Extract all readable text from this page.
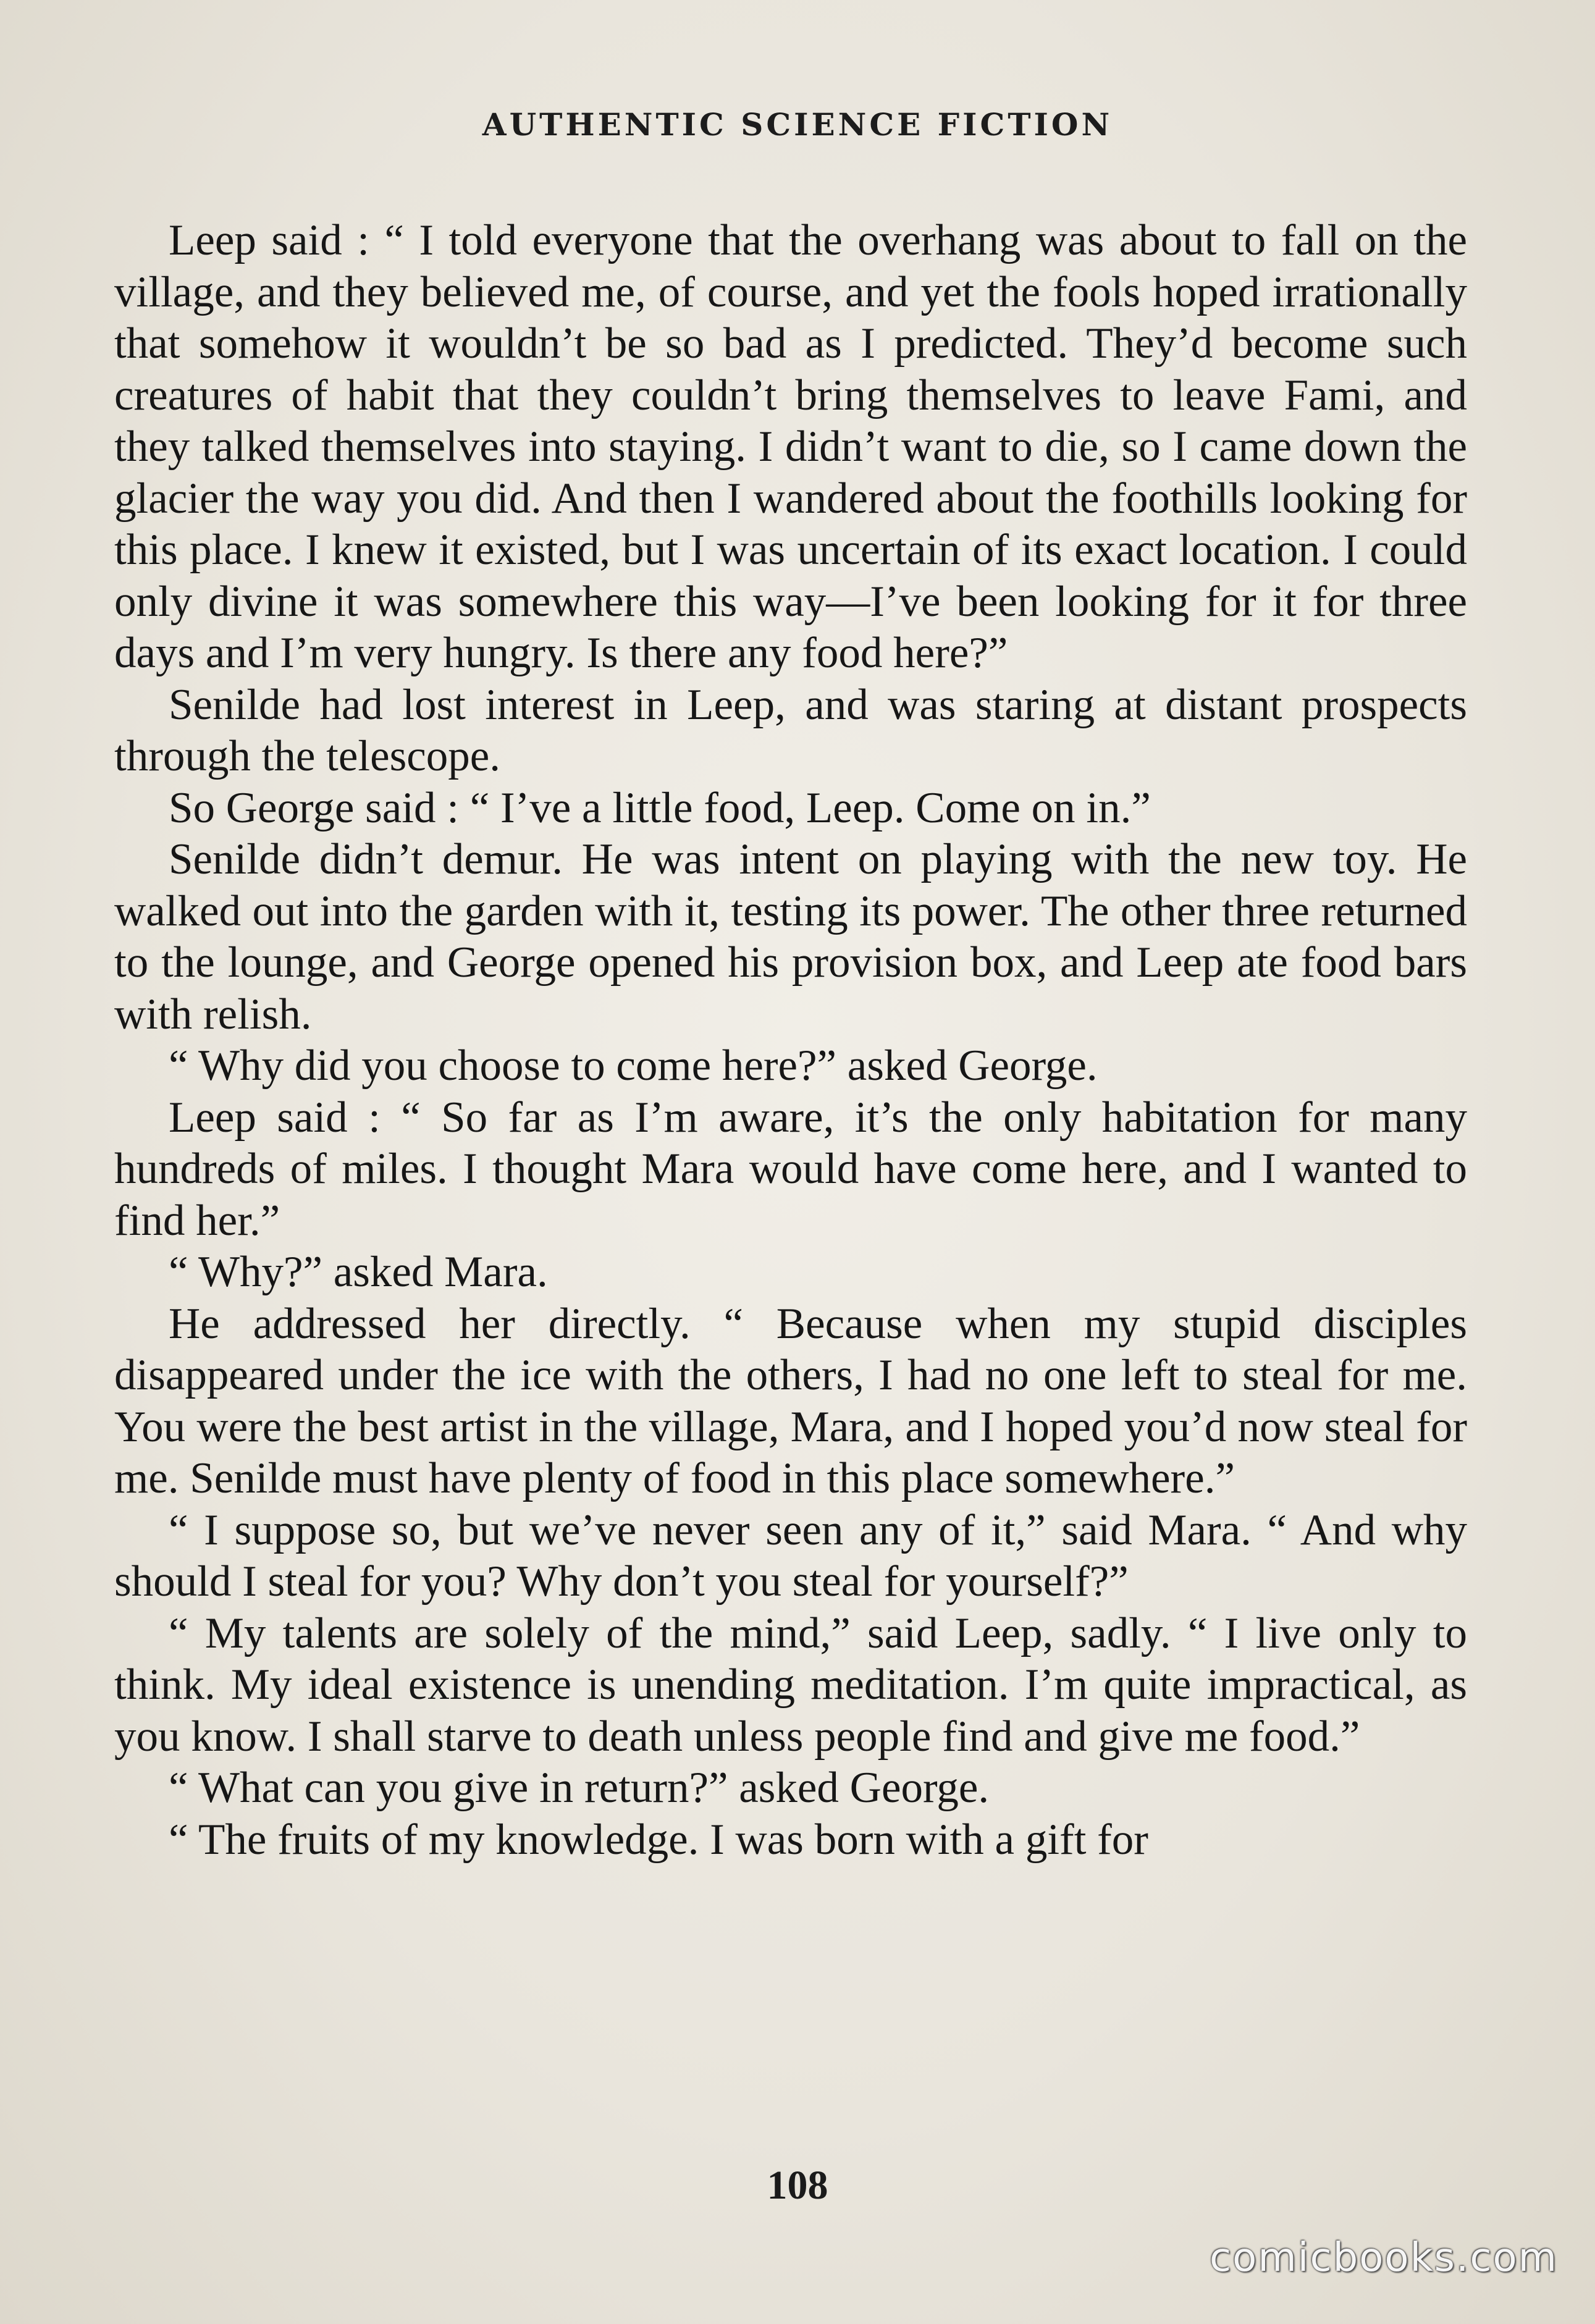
AUTHENTIC SCIENCE FICTION

Leep said : “ I told everyone that the overhang was about to fall on the village, and they believed me, of course, and yet the fools hoped irrationally that somehow it wouldn’t be so bad as I predicted. They’d become such creatures of habit that they couldn’t bring themselves to leave Fami, and they talked themselves into staying. I didn’t want to die, so I came down the glacier the way you did. And then I wandered about the foothills looking for this place. I knew it existed, but I was uncertain of its exact location. I could only divine it was somewhere this way—I’ve been looking for it for three days and I’m very hungry. Is there any food here?”

Senilde had lost interest in Leep, and was staring at distant prospects through the telescope.

So George said : “ I’ve a little food, Leep. Come on in.”

Senilde didn’t demur. He was intent on playing with the new toy. He walked out into the garden with it, testing its power. The other three returned to the lounge, and George opened his provision box, and Leep ate food bars with relish.

“ Why did you choose to come here?” asked George.

Leep said : “ So far as I’m aware, it’s the only habitation for many hundreds of miles. I thought Mara would have come here, and I wanted to find her.”

“ Why?” asked Mara.

He addressed her directly. “ Because when my stupid disciples disappeared under the ice with the others, I had no one left to steal for me. You were the best artist in the village, Mara, and I hoped you’d now steal for me. Senilde must have plenty of food in this place somewhere.”

“ I suppose so, but we’ve never seen any of it,” said Mara. “ And why should I steal for you? Why don’t you steal for yourself?”

“ My talents are solely of the mind,” said Leep, sadly. “ I live only to think. My ideal existence is unending meditation. I’m quite impractical, as you know. I shall starve to death unless people find and give me food.”

“ What can you give in return?” asked George.

“ The fruits of my knowledge. I was born with a gift for

108
comicbooks.com
